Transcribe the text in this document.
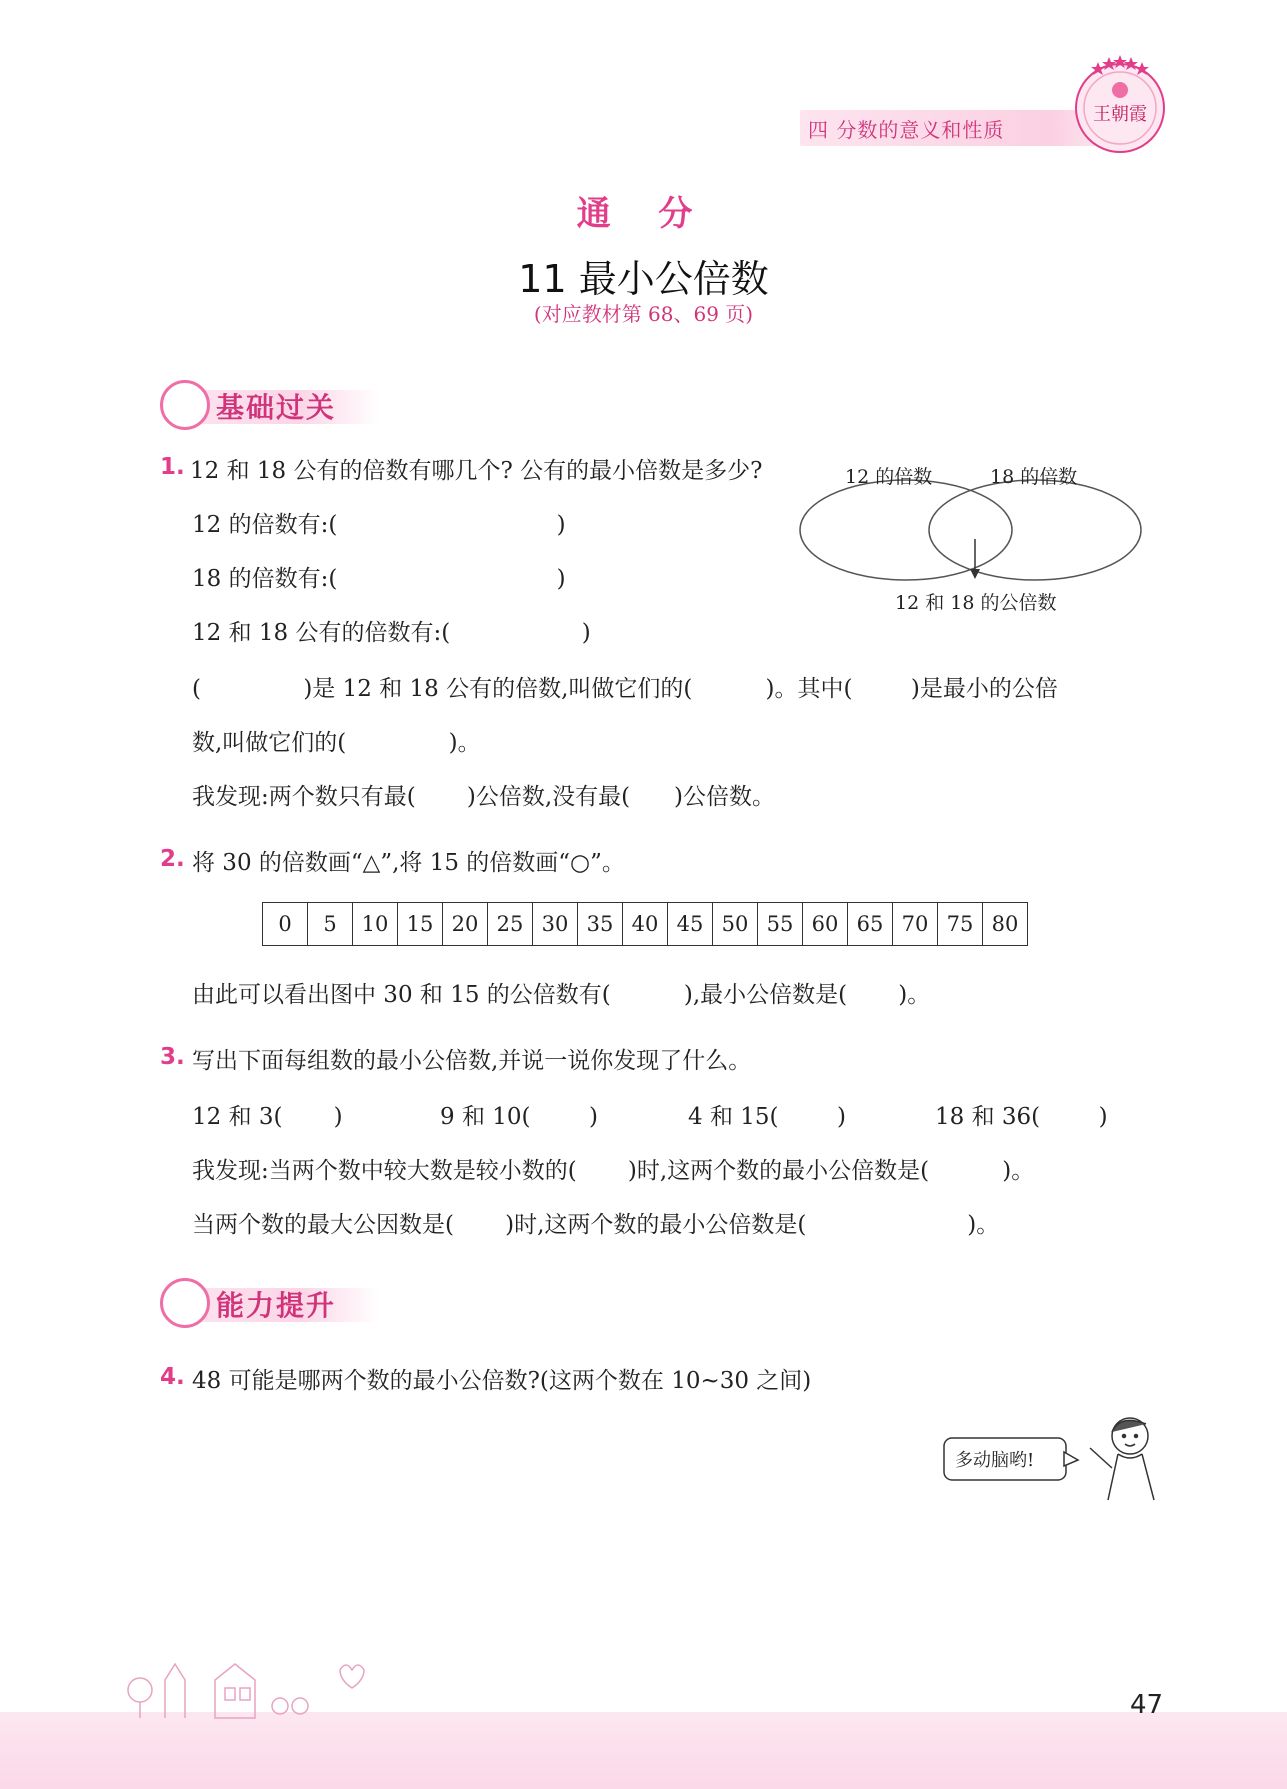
四 分数的意义和性质
王朝霞
通 分
11 最小公倍数
(对应教材第 68、69 页)
基础过关
1. 12 和 18 公有的倍数有哪几个? 公有的最小倍数是多少?	12 的倍数	18 的倍数
12 和 18 的公倍数
12 的倍数有:(                              )
18 的倍数有:(                              )
12 和 18 公有的倍数有:(                  )
(              )是 12 和 18 公有的倍数,叫做它们的(          )。其中(        )是最小的公倍
数,叫做它们的(              )。
我发现:两个数只有最(       )公倍数,没有最(      )公倍数。
2. 将 30 的倍数画“△”,将 15 的倍数画“○”。
0	5	10	15	20	25	30	35	40	45	50	55	60	65	70	75	80
由此可以看出图中 30 和 15 的公倍数有(          ),最小公倍数是(       )。
3. 写出下面每组数的最小公倍数,并说一说你发现了什么。
12 和 3(       )	9 和 10(        )	4 和 15(        )	18 和 36(        )
我发现:当两个数中较大数是较小数的(       )时,这两个数的最小公倍数是(          )。
当两个数的最大公因数是(       )时,这两个数的最小公倍数是(                      )。
能力提升
4. 48 可能是哪两个数的最小公倍数?(这两个数在 10~30 之间)
多动脑哟!
47
